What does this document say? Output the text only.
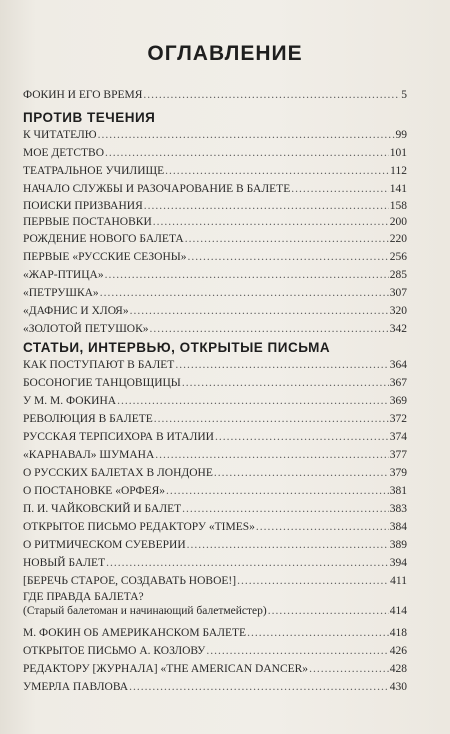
ОГЛАВЛЕНИЕ
ФОКИН И ЕГО ВРЕМЯ .....	5
ПРОТИВ ТЕЧЕНИЯ
К ЧИТАТЕЛЮ .....	99
МОЕ ДЕТСТВО .....	101
ТЕАТРАЛЬНОЕ УЧИЛИЩЕ .....	112
НАЧАЛО СЛУЖБЫ И РАЗОЧАРОВАНИЕ В БАЛЕТЕ .....	141
ПОИСКИ ПРИЗВАНИЯ .....	158
ПЕРВЫЕ ПОСТАНОВКИ .....	200
РОЖДЕНИЕ НОВОГО БАЛЕТА .....	220
ПЕРВЫЕ «РУССКИЕ СЕЗОНЫ» .....	256
«ЖАР-ПТИЦА» .....	285
«ПЕТРУШКА» .....	307
«ДАФНИС И ХЛОЯ» .....	320
«ЗОЛОТОЙ ПЕТУШОК» .....	342
СТАТЬИ, ИНТЕРВЬЮ, ОТКРЫТЫЕ ПИСЬМА
КАК ПОСТУПАЮТ В БАЛЕТ .....	364
БОСОНОГИЕ ТАНЦОВЩИЦЫ .....	367
У М. М. ФОКИНА .....	369
РЕВОЛЮЦИЯ В БАЛЕТЕ .....	372
РУССКАЯ ТЕРПСИХОРА В ИТАЛИИ .....	374
«КАРНАВАЛ» ШУМАНА .....	377
О РУССКИХ БАЛЕТАХ В ЛОНДОНЕ .....	379
О ПОСТАНОВКЕ «ОРФЕЯ» .....	381
П. И. ЧАЙКОВСКИЙ И БАЛЕТ .....	383
ОТКРЫТОЕ ПИСЬМО РЕДАКТОРУ «TIMES» .....	384
О РИТМИЧЕСКОМ СУЕВЕРИИ .....	389
НОВЫЙ БАЛЕТ .....	394
[БЕРЕЧЬ СТАРОЕ, СОЗДАВАТЬ НОВОЕ!] .....	411
ГДЕ ПРАВДА БАЛЕТА?
(Старый балетоман и начинающий балетмейстер) .....	414
М. ФОКИН ОБ АМЕРИКАНСКОМ БАЛЕТЕ .....	418
ОТКРЫТОЕ ПИСЬМО А. КОЗЛОВУ .....	426
РЕДАКТОРУ [ЖУРНАЛА] «THE AMERICAN DANCER» .....	428
УМЕРЛА ПАВЛОВА .....	430
